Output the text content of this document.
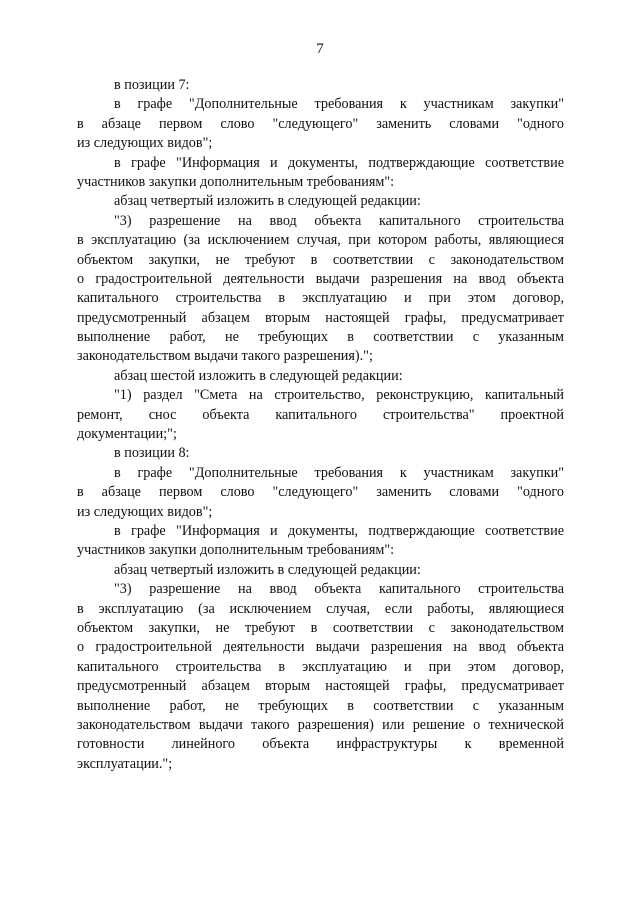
7
в позиции 7:
в графе "Дополнительные требования к участникам закупки"
в абзаце первом слово "следующего" заменить словами "одного
из следующих видов";
в графе "Информация и документы, подтверждающие соответствие
участников закупки дополнительным требованиям":
абзац четвертый изложить в следующей редакции:
"3) разрешение на ввод объекта капитального строительства
в эксплуатацию (за исключением случая, при котором работы, являющиеся
объектом закупки, не требуют в соответствии с законодательством
о градостроительной деятельности выдачи разрешения на ввод объекта
капитального строительства в эксплуатацию и при этом договор,
предусмотренный абзацем вторым настоящей графы, предусматривает
выполнение работ, не требующих в соответствии с указанным
законодательством выдачи такого разрешения).";
абзац шестой изложить в следующей редакции:
"1) раздел "Смета на строительство, реконструкцию, капитальный
ремонт, снос объекта капитального строительства" проектной
документации;";
в позиции 8:
в графе "Дополнительные требования к участникам закупки"
в абзаце первом слово "следующего" заменить словами "одного
из следующих видов";
в графе "Информация и документы, подтверждающие соответствие
участников закупки дополнительным требованиям":
абзац четвертый изложить в следующей редакции:
"3) разрешение на ввод объекта капитального строительства
в эксплуатацию (за исключением случая, если работы, являющиеся
объектом закупки, не требуют в соответствии с законодательством
о градостроительной деятельности выдачи разрешения на ввод объекта
капитального строительства в эксплуатацию и при этом договор,
предусмотренный абзацем вторым настоящей графы, предусматривает
выполнение работ, не требующих в соответствии с указанным
законодательством выдачи такого разрешения) или решение о технической
готовности линейного объекта инфраструктуры к временной
эксплуатации.";
